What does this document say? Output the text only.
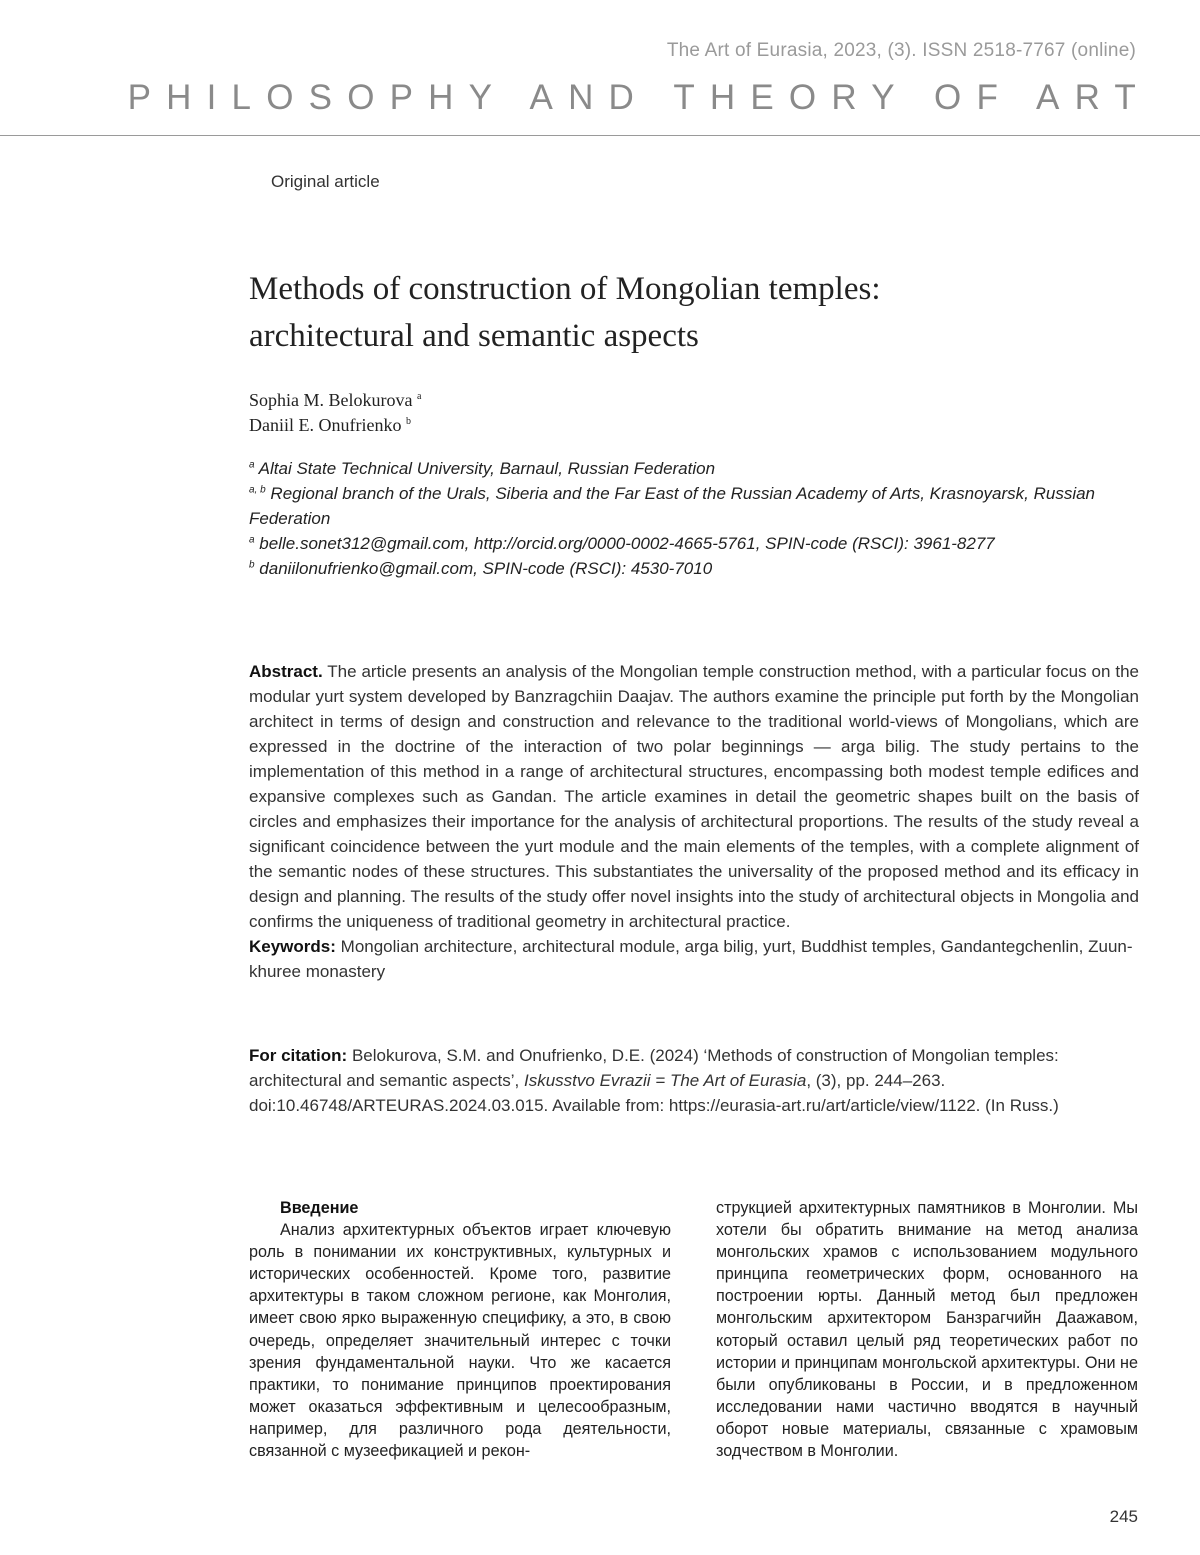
The Art of Eurasia, 2023, (3). ISSN 2518-7767 (online)
PHILOSOPHY AND THEORY OF ART
Original article
Methods of construction of Mongolian temples:
architectural and semantic aspects
Sophia M. Belokurova $^a$
Daniil E. Onufrienko $^b$

$^a$ Altai State Technical University, Barnaul, Russian Federation

$^{a, b}$ Regional branch of the Urals, Siberia and the Far East of the Russian Academy of Arts, Krasnoyarsk, Russian Federation

$^a$ belle.sonet312@gmail.com, http://orcid.org/0000-0002-4665-5761, SPIN-code (RSCI): 3961-8277

$^b$ daniilonufrienko@gmail.com, SPIN-code (RSCI): 4530-7010

Abstract. The article presents an analysis of the Mongolian temple construction method, with a particular focus on the modular yurt system developed by Banzragchiin Daajav. The authors examine the principle put forth by the Mongolian architect in terms of design and construction and relevance to the traditional world-views of Mongolians, which are expressed in the doctrine of the interaction of two polar beginnings — arga bilig. The study pertains to the implementation of this method in a range of architectural structures, encompassing both modest temple edifices and expansive complexes such as Gandan. The article examines in detail the geometric shapes built on the basis of circles and emphasizes their importance for the analysis of architectural proportions. The results of the study reveal a significant coincidence between the yurt module and the main elements of the temples, with a complete alignment of the semantic nodes of these structures. This substantiates the universality of the proposed method and its efficacy in design and planning. The results of the study offer novel insights into the study of architectural objects in Mongolia and confirms the uniqueness of traditional geometry in architectural practice.

Keywords: Mongolian architecture, architectural module, arga bilig, yurt, Buddhist temples, Gandantegchenlin, Zuun-khuree monastery

For citation: Belokurova, S.M. and Onufrienko, D.E. (2024) ‘Methods of construction of Mongolian temples: architectural and semantic aspects’, Iskusstvo Evrazii = The Art of Eurasia, (3), pp. 244–263. doi:10.46748/ARTEURAS.2024.03.015. Available from: https://eurasia-art.ru/art/article/view/1122. (In Russ.)

Введение

Анализ архитектурных объектов играет ключевую роль в понимании их конструктивных, культурных и исторических особенностей. Кроме того, развитие архитектуры в таком сложном регионе, как Монголия, имеет свою ярко выраженную специфику, а это, в свою очередь, определяет значительный интерес с точки зрения фундаментальной науки. Что же касается практики, то понимание принципов проектирования может оказаться эффективным и целесообразным, например, для различного рода деятельности, связанной с музеефикацией и рекон-

струкцией архитектурных памятников в Монголии. Мы хотели бы обратить внимание на метод анализа монгольских храмов с использованием модульного принципа геометрических форм, основанного на построении юрты. Данный метод был предложен монгольским архитектором Банзрагчийн Даажавом, который оставил целый ряд теоретических работ по истории и принципам монгольской архитектуры. Они не были опубликованы в России, и в предложенном исследовании нами частично вводятся в научный оборот новые материалы, связанные с храмовым зодчеством в Монголии.

245
